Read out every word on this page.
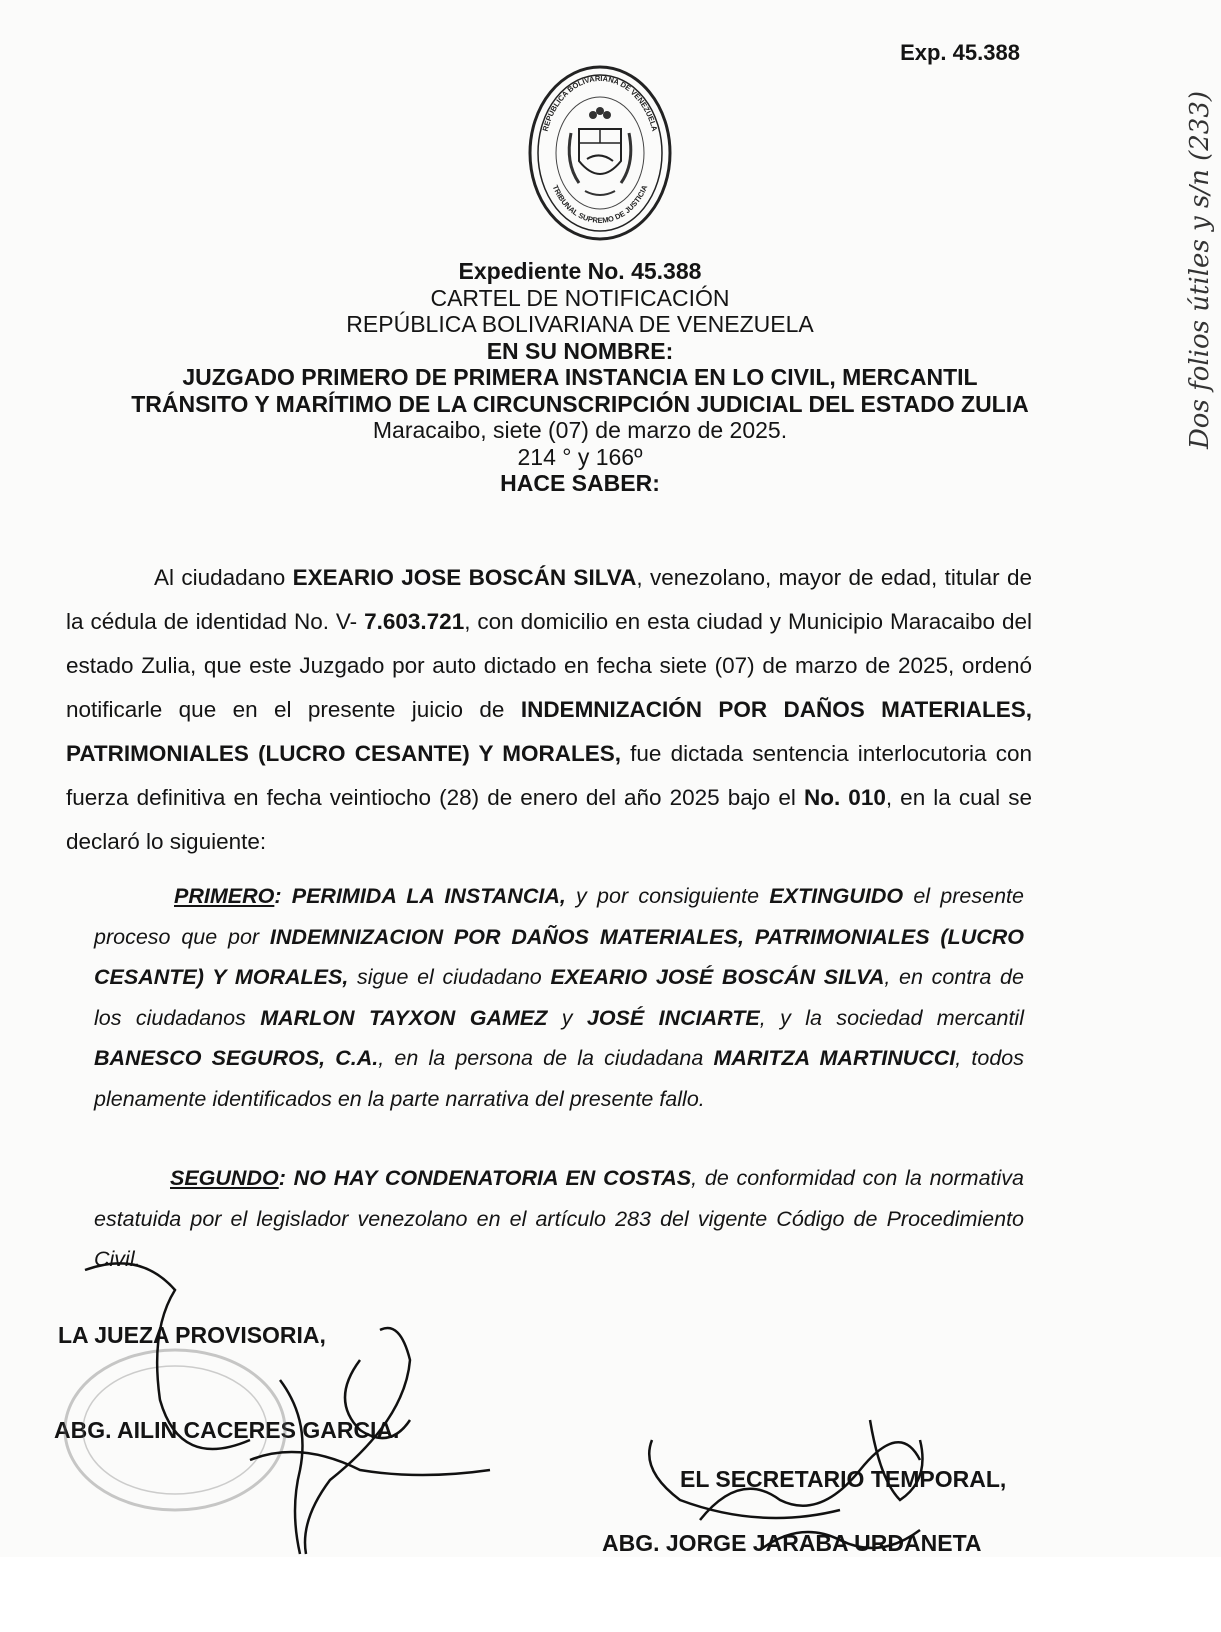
Exp. 45.388
REPÚBLICA BOLIVARIANA DE VENEZUELA
TRIBUNAL SUPREMO DE JUSTICIA	Dos folios útiles y s/n (233)
Expediente No. 45.388
CARTEL DE NOTIFICACIÓN
REPÚBLICA BOLIVARIANA DE VENEZUELA
EN SU NOMBRE:
JUZGADO PRIMERO DE PRIMERA INSTANCIA EN LO CIVIL, MERCANTIL
TRÁNSITO Y MARÍTIMO DE LA CIRCUNSCRIPCIÓN JUDICIAL DEL ESTADO ZULIA
Maracaibo, siete (07) de marzo de 2025.
214 ° y 166º
HACE SABER:

Al ciudadano EXEARIO JOSE BOSCÁN SILVA, venezolano, mayor de edad, titular de la cédula de identidad No. V- 7.603.721, con domicilio en esta ciudad y Municipio Maracaibo del estado Zulia, que este Juzgado por auto dictado en fecha siete (07) de marzo de 2025, ordenó notificarle que en el presente juicio de INDEMNIZACIÓN POR DAÑOS MATERIALES, PATRIMONIALES (LUCRO CESANTE) Y MORALES, fue dictada sentencia interlocutoria con fuerza definitiva en fecha veintiocho (28) de enero del año 2025 bajo el No. 010, en la cual se declaró lo siguiente:

PRIMERO: PERIMIDA LA INSTANCIA, y por consiguiente EXTINGUIDO el presente proceso que por INDEMNIZACION POR DAÑOS MATERIALES, PATRIMONIALES (LUCRO CESANTE) Y MORALES, sigue el ciudadano EXEARIO JOSÉ BOSCÁN SILVA, en contra de los ciudadanos MARLON TAYXON GAMEZ y JOSÉ INCIARTE, y la sociedad mercantil BANESCO SEGUROS, C.A., en la persona de la ciudadana MARITZA MARTINUCCI, todos plenamente identificados en la parte narrativa del presente fallo.

SEGUNDO: NO HAY CONDENATORIA EN COSTAS, de conformidad con la normativa estatuida por el legislador venezolano en el artículo 283 del vigente Código de Procedimiento Civil.

LA JUEZA PROVISORIA,
ABG. AILIN CACERES GARCIA.
EL SECRETARIO TEMPORAL,
ABG. JORGE JARABA URDANETA
